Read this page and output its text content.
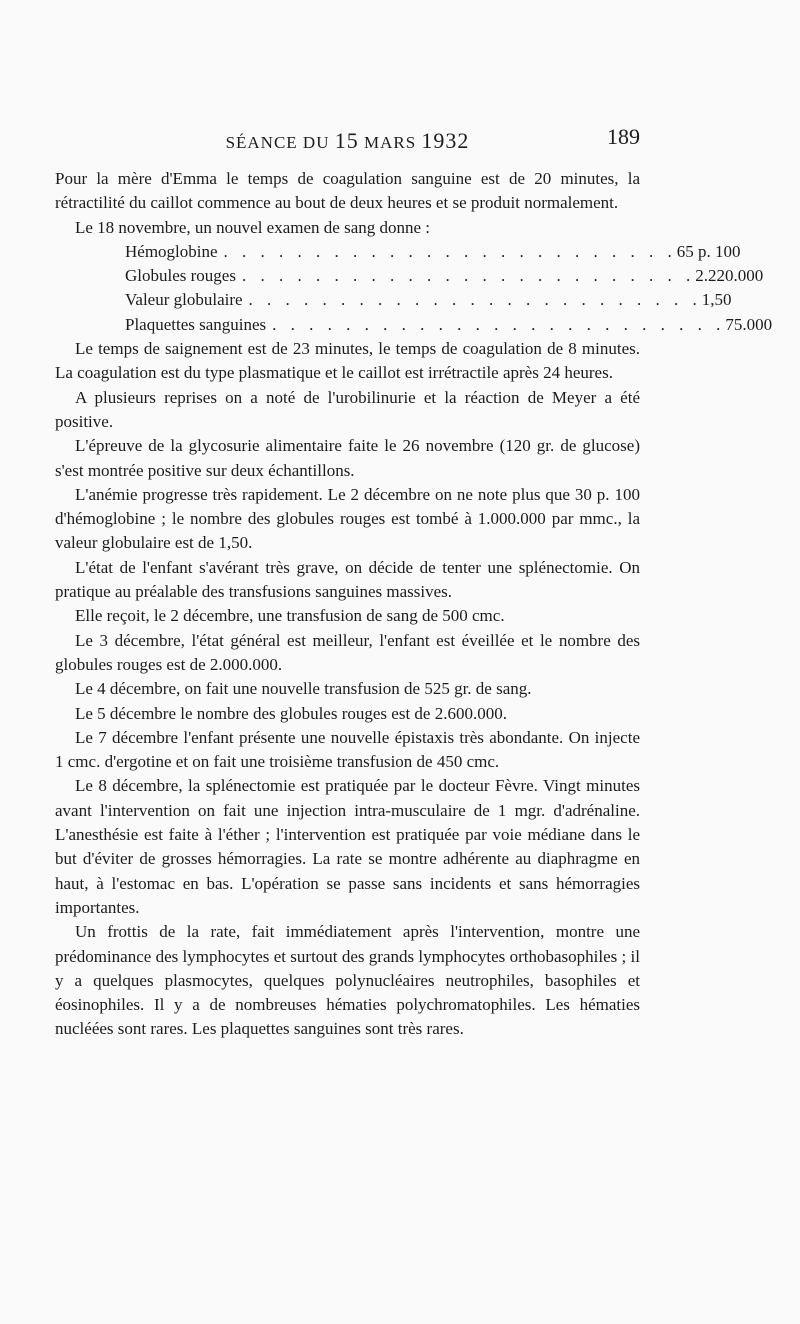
SÉANCE DU 15 MARS 1932	189

Pour la mère d'Emma le temps de coagulation sanguine est de 20 minutes, la rétractilité du caillot commence au bout de deux heures et se produit normalement.

Le 18 novembre, un nouvel examen de sang donne :

Hémoglobine . . . . . . . . . . . . . . . . . . . . . . . . . 65 p. 100
Globules rouges . . . . . . . . . . . . . . . . . . . . . . . . . 2.220.000
Valeur globulaire . . . . . . . . . . . . . . . . . . . . . . . . . 1,50
Plaquettes sanguines . . . . . . . . . . . . . . . . . . . . . . . . . 75.000

Le temps de saignement est de 23 minutes, le temps de coagulation de 8 minutes. La coagulation est du type plasmatique et le caillot est irrétractile après 24 heures.

A plusieurs reprises on a noté de l'urobilinurie et la réaction de Meyer a été positive.

L'épreuve de la glycosurie alimentaire faite le 26 novembre (120 gr. de glucose) s'est montrée positive sur deux échantillons.

L'anémie progresse très rapidement. Le 2 décembre on ne note plus que 30 p. 100 d'hémoglobine ; le nombre des globules rouges est tombé à 1.000.000 par mmc., la valeur globulaire est de 1,50.

L'état de l'enfant s'avérant très grave, on décide de tenter une splénectomie. On pratique au préalable des transfusions sanguines massives.

Elle reçoit, le 2 décembre, une transfusion de sang de 500 cmc.

Le 3 décembre, l'état général est meilleur, l'enfant est éveillée et le nombre des globules rouges est de 2.000.000.

Le 4 décembre, on fait une nouvelle transfusion de 525 gr. de sang.

Le 5 décembre le nombre des globules rouges est de 2.600.000.

Le 7 décembre l'enfant présente une nouvelle épistaxis très abondante. On injecte 1 cmc. d'ergotine et on fait une troisième transfusion de 450 cmc.

Le 8 décembre, la splénectomie est pratiquée par le docteur Fèvre. Vingt minutes avant l'intervention on fait une injection intra-musculaire de 1 mgr. d'adrénaline. L'anesthésie est faite à l'éther ; l'intervention est pratiquée par voie médiane dans le but d'éviter de grosses hémorragies. La rate se montre adhérente au diaphragme en haut, à l'estomac en bas. L'opération se passe sans incidents et sans hémorragies importantes.

Un frottis de la rate, fait immédiatement après l'intervention, montre une prédominance des lymphocytes et surtout des grands lymphocytes orthobasophiles ; il y a quelques plasmocytes, quelques polynucléaires neutrophiles, basophiles et éosinophiles. Il y a de nombreuses hématies polychromatophiles. Les hématies nucléées sont rares. Les plaquettes sanguines sont très rares.
